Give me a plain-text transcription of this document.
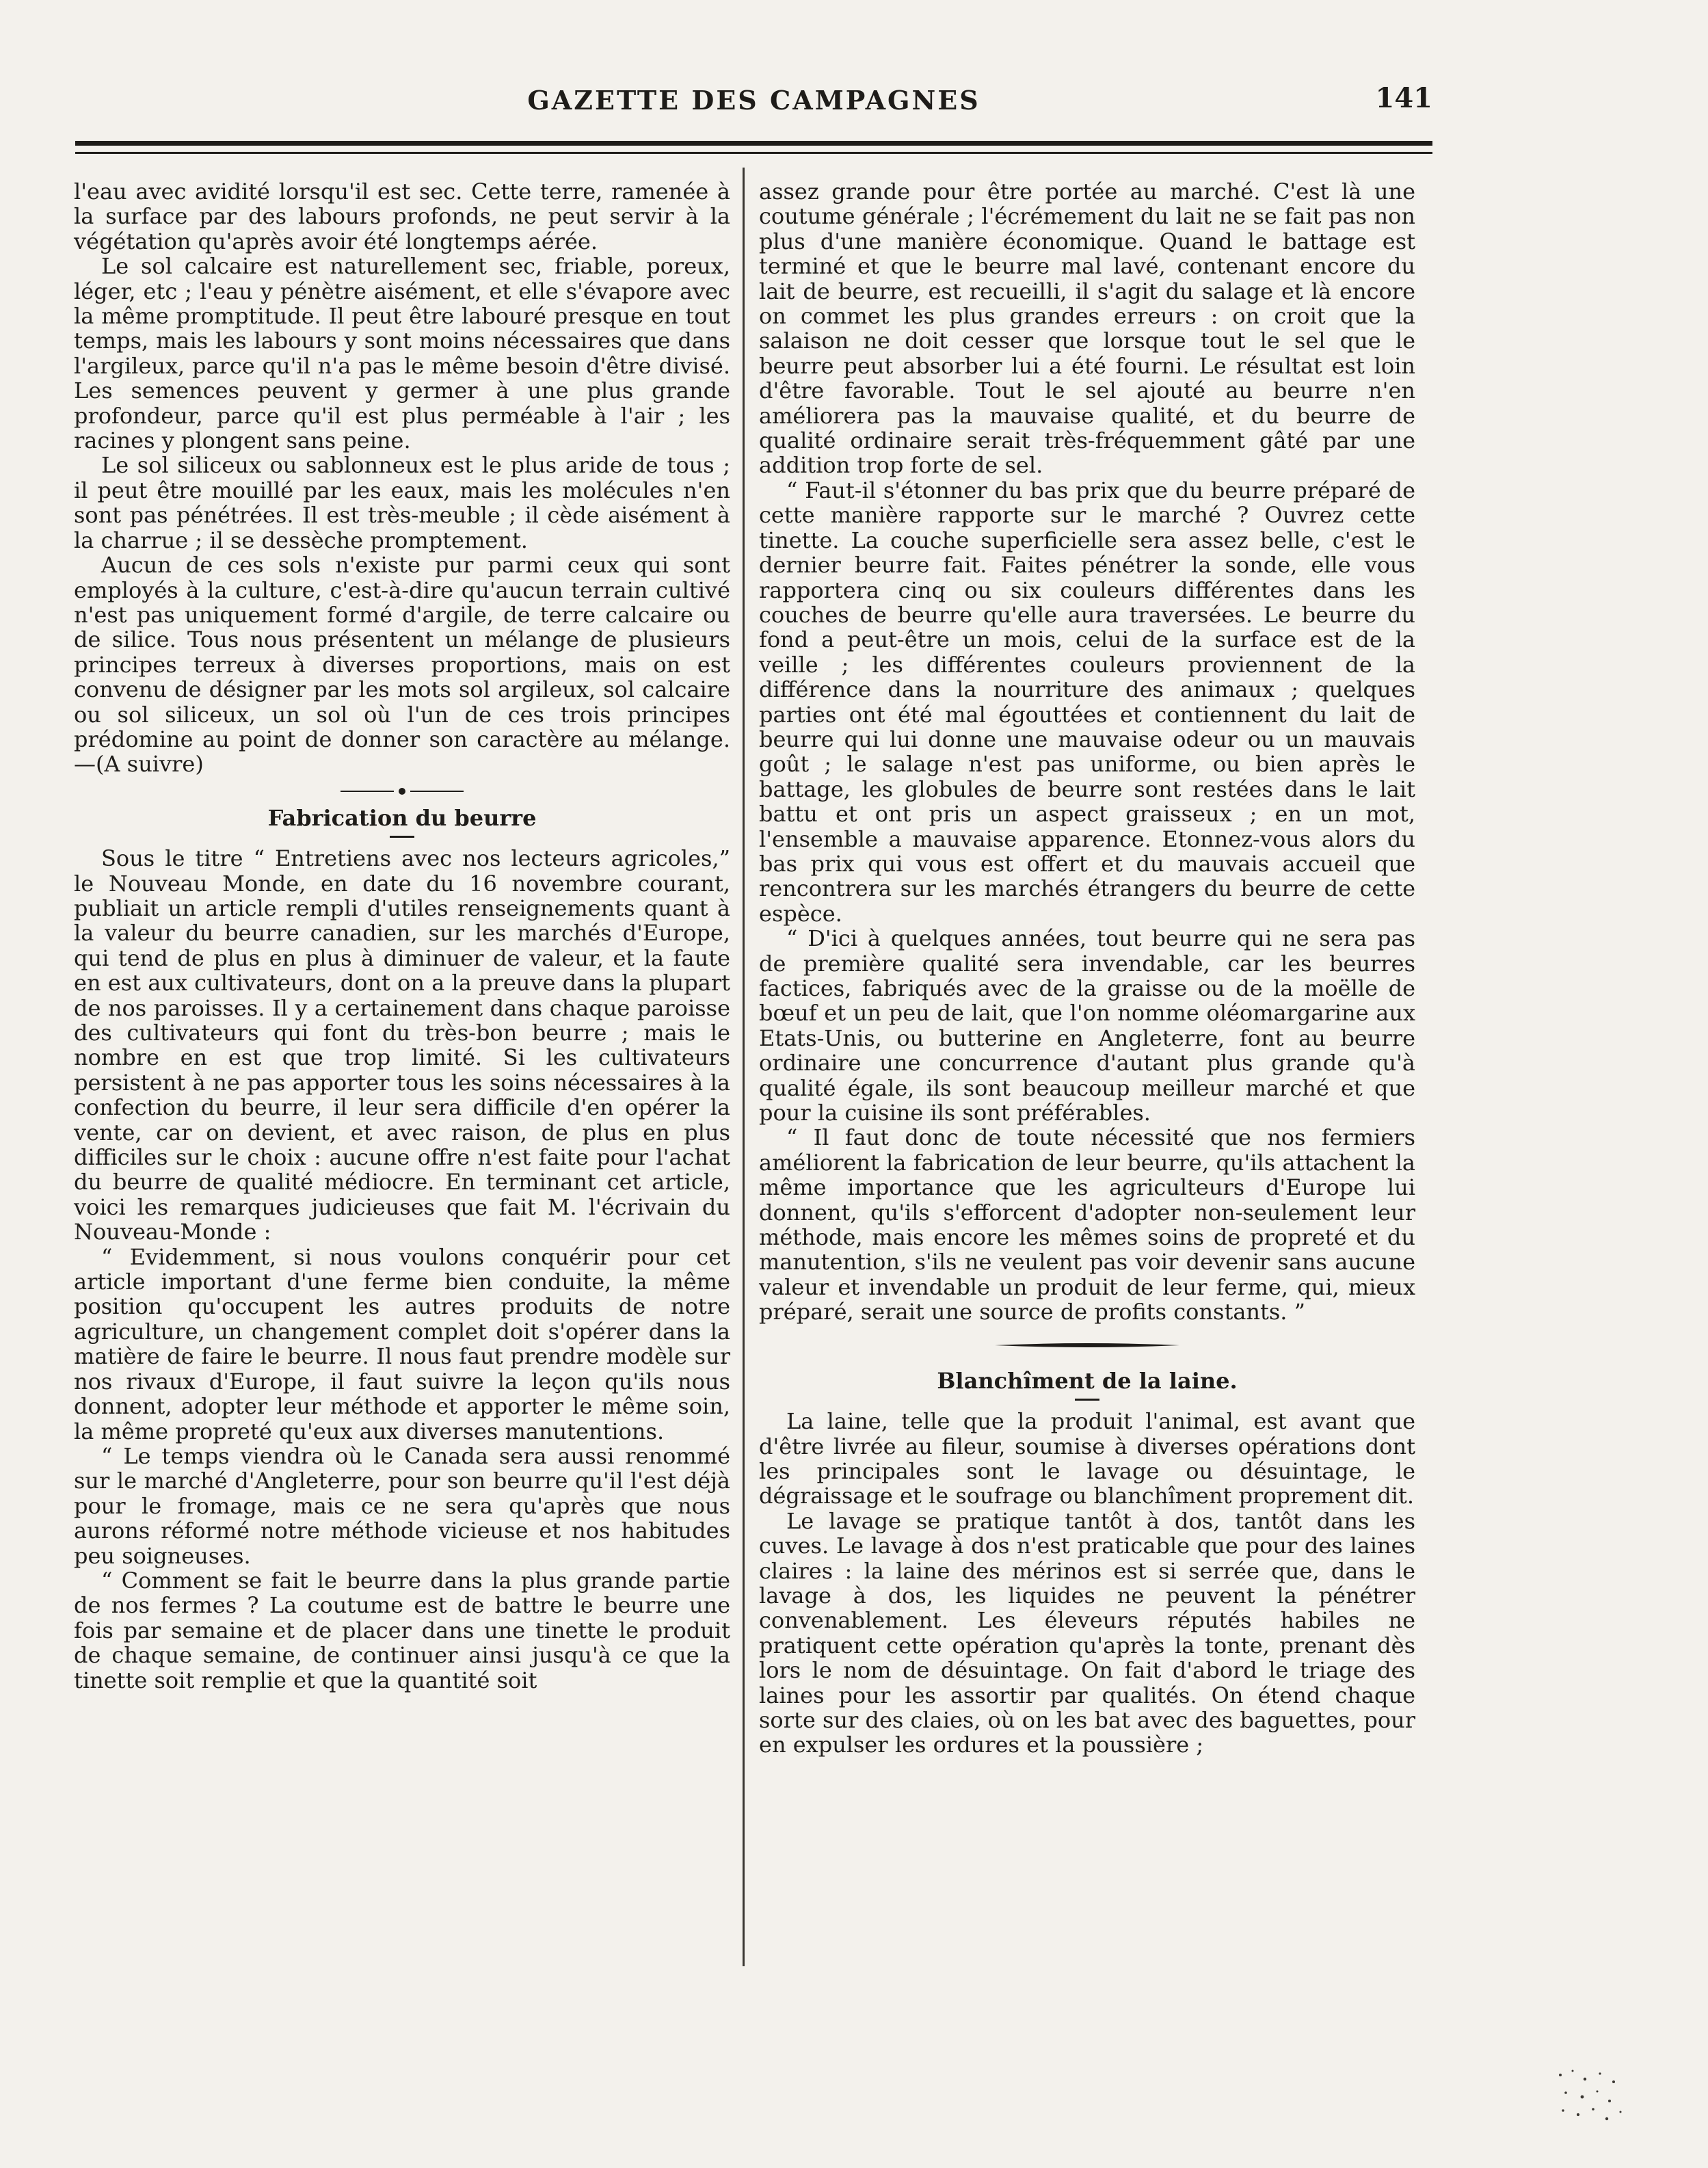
GAZETTE DES CAMPAGNES	141

l'eau avec avidité lorsqu'il est sec. Cette terre, ramenée à la surface par des labours profonds, ne peut servir à la végétation qu'après avoir été longtemps aérée.

Le sol calcaire est naturellement sec, friable, poreux, léger, etc ; l'eau y pénètre aisément, et elle s'évapore avec la même promptitude. Il peut être labouré presque en tout temps, mais les labours y sont moins nécessaires que dans l'argileux, parce qu'il n'a pas le même besoin d'être divisé. Les semences peuvent y germer à une plus grande profondeur, parce qu'il est plus perméable à l'air ; les racines y plongent sans peine.

Le sol siliceux ou sablonneux est le plus aride de tous ; il peut être mouillé par les eaux, mais les molécules n'en sont pas pénétrées. Il est très-meuble ; il cède aisément à la charrue ; il se dessèche promptement.

Aucun de ces sols n'existe pur parmi ceux qui sont employés à la culture, c'est-à-dire qu'aucun terrain cultivé n'est pas uniquement formé d'argile, de terre calcaire ou de silice. Tous nous présentent un mélange de plusieurs principes terreux à diverses proportions, mais on est convenu de désigner par les mots sol argileux, sol calcaire ou sol siliceux, un sol où l'un de ces trois principes prédomine au point de donner son caractère au mélange.—(A suivre)

Fabrication du beurre

Sous le titre “ Entretiens avec nos lecteurs agricoles,” le Nouveau Monde, en date du 16 novembre courant, publiait un article rempli d'utiles renseignements quant à la valeur du beurre canadien, sur les marchés d'Europe, qui tend de plus en plus à diminuer de valeur, et la faute en est aux cultivateurs, dont on a la preuve dans la plupart de nos paroisses. Il y a certainement dans chaque paroisse des cultivateurs qui font du très-bon beurre ; mais le nombre en est que trop limité. Si les cultivateurs persistent à ne pas apporter tous les soins nécessaires à la confection du beurre, il leur sera difficile d'en opérer la vente, car on devient, et avec raison, de plus en plus difficiles sur le choix : aucune offre n'est faite pour l'achat du beurre de qualité médiocre. En terminant cet article, voici les remarques judicieuses que fait M. l'écrivain du Nouveau-Monde :

“ Evidemment, si nous voulons conquérir pour cet article important d'une ferme bien conduite, la même position qu'occupent les autres produits de notre agriculture, un changement complet doit s'opérer dans la matière de faire le beurre. Il nous faut prendre modèle sur nos rivaux d'Europe, il faut suivre la leçon qu'ils nous donnent, adopter leur méthode et apporter le même soin, la même propreté qu'eux aux diverses manutentions.

“ Le temps viendra où le Canada sera aussi renommé sur le marché d'Angleterre, pour son beurre qu'il l'est déjà pour le fromage, mais ce ne sera qu'après que nous aurons réformé notre méthode vicieuse et nos habitudes peu soigneuses.

“ Comment se fait le beurre dans la plus grande partie de nos fermes ? La coutume est de battre le beurre une fois par semaine et de placer dans une tinette le produit de chaque semaine, de continuer ainsi jusqu'à ce que la tinette soit remplie et que la quantité soit

assez grande pour être portée au marché. C'est là une coutume générale ; l'écrémement du lait ne se fait pas non plus d'une manière économique. Quand le battage est terminé et que le beurre mal lavé, contenant encore du lait de beurre, est recueilli, il s'agit du salage et là encore on commet les plus grandes erreurs : on croit que la salaison ne doit cesser que lorsque tout le sel que le beurre peut absorber lui a été fourni. Le résultat est loin d'être favorable. Tout le sel ajouté au beurre n'en améliorera pas la mauvaise qualité, et du beurre de qualité ordinaire serait très-fréquemment gâté par une addition trop forte de sel.

“ Faut-il s'étonner du bas prix que du beurre préparé de cette manière rapporte sur le marché ? Ouvrez cette tinette. La couche superficielle sera assez belle, c'est le dernier beurre fait. Faites pénétrer la sonde, elle vous rapportera cinq ou six couleurs différentes dans les couches de beurre qu'elle aura traversées. Le beurre du fond a peut-être un mois, celui de la surface est de la veille ; les différentes couleurs proviennent de la différence dans la nourriture des animaux ; quelques parties ont été mal égouttées et contiennent du lait de beurre qui lui donne une mauvaise odeur ou un mauvais goût ; le salage n'est pas uniforme, ou bien après le battage, les globules de beurre sont restées dans le lait battu et ont pris un aspect graisseux ; en un mot, l'ensemble a mauvaise apparence. Etonnez-vous alors du bas prix qui vous est offert et du mauvais accueil que rencontrera sur les marchés étrangers du beurre de cette espèce.

“ D'ici à quelques années, tout beurre qui ne sera pas de première qualité sera invendable, car les beurres factices, fabriqués avec de la graisse ou de la moëlle de bœuf et un peu de lait, que l'on nomme oléomargarine aux Etats-Unis, ou butterine en Angleterre, font au beurre ordinaire une concurrence d'autant plus grande qu'à qualité égale, ils sont beaucoup meilleur marché et que pour la cuisine ils sont préférables.

“ Il faut donc de toute nécessité que nos fermiers améliorent la fabrication de leur beurre, qu'ils attachent la même importance que les agriculteurs d'Europe lui donnent, qu'ils s'efforcent d'adopter non-seulement leur méthode, mais encore les mêmes soins de propreté et du manutention, s'ils ne veulent pas voir devenir sans aucune valeur et invendable un produit de leur ferme, qui, mieux préparé, serait une source de profits constants. ”

Blanchîment de la laine.

La laine, telle que la produit l'animal, est avant que d'être livrée au fileur, soumise à diverses opérations dont les principales sont le lavage ou désuintage, le dégraissage et le soufrage ou blanchîment proprement dit.

Le lavage se pratique tantôt à dos, tantôt dans les cuves. Le lavage à dos n'est praticable que pour des laines claires : la laine des mérinos est si serrée que, dans le lavage à dos, les liquides ne peuvent la pénétrer convenablement. Les éleveurs réputés habiles ne pratiquent cette opération qu'après la tonte, prenant dès lors le nom de désuintage. On fait d'abord le triage des laines pour les assortir par qualités. On étend chaque sorte sur des claies, où on les bat avec des baguettes, pour en expulser les ordures et la poussière ;
